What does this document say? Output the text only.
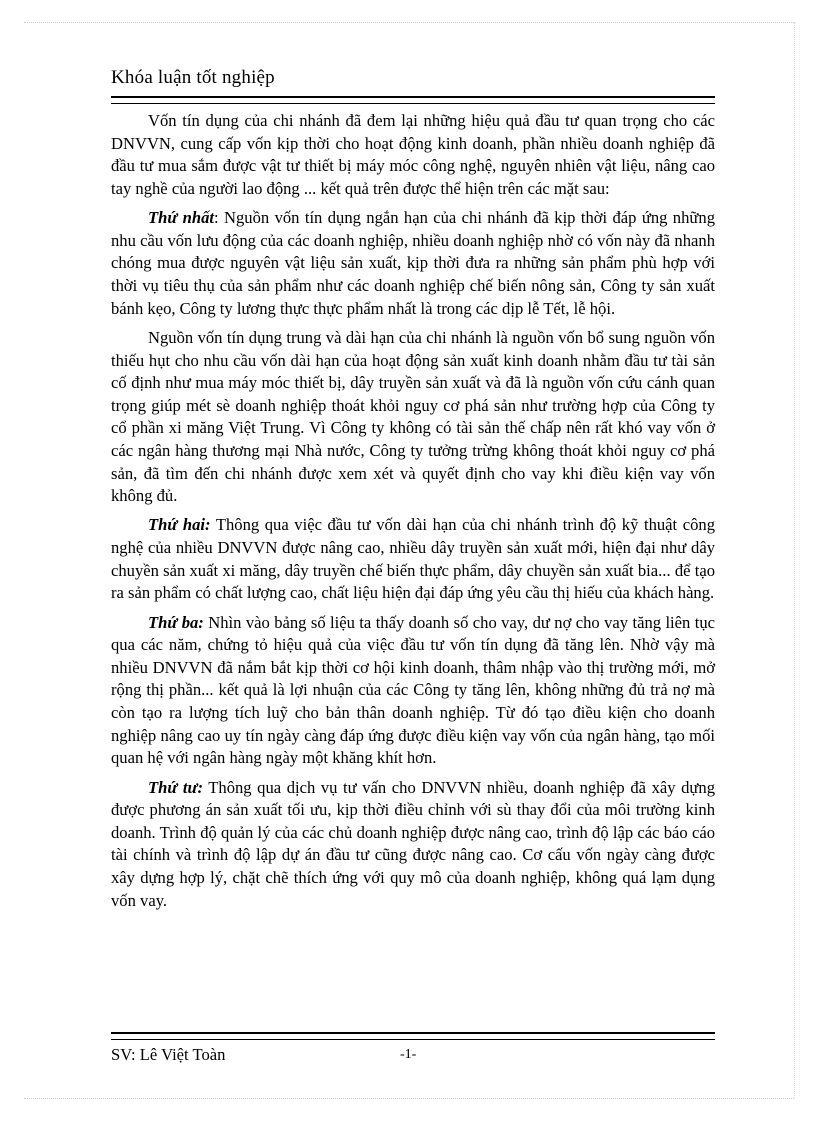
Khóa luận tốt nghiệp

Vốn tín dụng của chi nhánh đã đem lại những hiệu quả đầu tư quan trọng cho các DNVVN, cung cấp vốn kịp thời cho hoạt động kinh doanh, phần nhiều doanh nghiệp đã đầu tư mua sắm được vật tư thiết bị máy móc công nghệ, nguyên nhiên vật liệu, nâng cao tay nghề của người lao động ... kết quả trên được thể hiện trên các mặt sau:

Thứ nhất: Nguồn vốn tín dụng ngắn hạn của chi nhánh đã kịp thời đáp ứng những nhu cầu vốn lưu động của các doanh nghiệp, nhiều doanh nghiệp nhờ có vốn này đã nhanh chóng mua được nguyên vật liệu sản xuất, kịp thời đưa ra những sản phẩm phù hợp với thời vụ tiêu thụ của sản phẩm như các doanh nghiệp chế biến nông sản, Công ty sản xuất bánh kẹo, Công ty lương thực thực phẩm nhất là trong các dịp lễ Tết, lễ hội.

Nguồn vốn tín dụng trung và dài hạn của chi nhánh là nguồn vốn bổ sung nguồn vốn thiếu hụt cho nhu cầu vốn dài hạn của hoạt động sản xuất kinh doanh nhằm đầu tư tài sản cố định như mua máy móc thiết bị, dây truyền sản xuất và đã là nguồn vốn cứu cánh quan trọng giúp mét sè doanh nghiệp thoát khỏi nguy cơ phá sản như trường hợp của Công ty cổ phần xi măng Việt Trung. Vì Công ty không có tài sản thế chấp nên rất khó vay vốn ở các ngân hàng thương mại Nhà nước, Công ty tưởng trừng không thoát khỏi nguy cơ phá sản, đã tìm đến chi nhánh được xem xét và quyết định cho vay khi điều kiện vay vốn không đủ.

Thứ hai: Thông qua việc đầu tư vốn dài hạn của chi nhánh trình độ kỹ thuật công nghệ của nhiều DNVVN được nâng cao, nhiều dây truyền sản xuất mới, hiện đại như dây chuyền sản xuất xi măng, dây truyền chế biến thực phẩm, dây chuyền sản xuất bia... để tạo ra sản phẩm có chất lượng cao, chất liệu hiện đại đáp ứng yêu cầu thị hiếu của khách hàng.

Thứ ba: Nhìn vào bảng số liệu ta thấy doanh số cho vay, dư nợ cho vay tăng liên tục qua các năm, chứng tỏ hiệu quả của việc đầu tư vốn tín dụng đã tăng lên. Nhờ vậy mà nhiều DNVVN đã nắm bắt kịp thời cơ hội kinh doanh, thâm nhập vào thị trường mới, mở rộng thị phần... kết quả là lợi nhuận của các Công ty tăng lên, không những đủ trả nợ mà còn tạo ra lượng tích luỹ cho bản thân doanh nghiệp. Từ đó tạo điều kiện cho doanh nghiệp nâng cao uy tín ngày càng đáp ứng được điều kiện vay vốn của ngân hàng, tạo mối quan hệ với ngân hàng ngày một khăng khít hơn.

Thứ tư: Thông qua dịch vụ tư vấn cho DNVVN nhiều, doanh nghiệp đã xây dựng được phương án sản xuất tối ưu, kịp thời điều chỉnh với sù thay đổi của môi trường kinh doanh. Trình độ quản lý của các chủ doanh nghiệp được nâng cao, trình độ lập các báo cáo tài chính và trình độ lập dự án đầu tư cũng được nâng cao. Cơ cấu vốn ngày càng được xây dựng hợp lý, chặt chẽ thích ứng với quy mô của doanh nghiệp, không quá lạm dụng vốn vay.

SV: Lê Việt Toàn	-1-
